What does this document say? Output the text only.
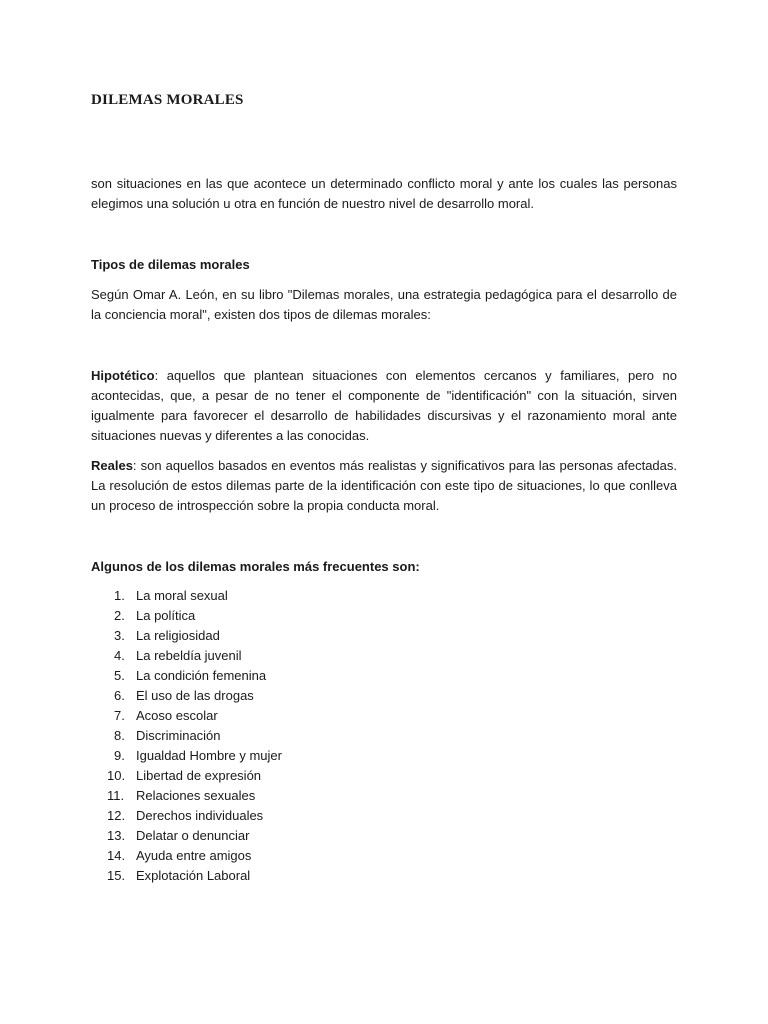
DILEMAS MORALES

son situaciones en las que acontece un determinado conflicto moral y ante los cuales las personas elegimos una solución u otra en función de nuestro nivel de desarrollo moral.

Tipos de dilemas morales

Según Omar A. León, en su libro "Dilemas morales, una estrategia pedagógica para el desarrollo de la conciencia moral", existen dos tipos de dilemas morales:

Hipotético: aquellos que plantean situaciones con elementos cercanos y familiares, pero no acontecidas, que, a pesar de no tener el componente de "identificación" con la situación, sirven igualmente para favorecer el desarrollo de habilidades discursivas y el razonamiento moral ante situaciones nuevas y diferentes a las conocidas.

Reales: son aquellos basados en eventos más realistas y significativos para las personas afectadas. La resolución de estos dilemas parte de la identificación con este tipo de situaciones, lo que conlleva un proceso de introspección sobre la propia conducta moral.

Algunos de los dilemas morales más frecuentes son:

1. La moral sexual
2. La política
3. La religiosidad
4. La rebeldía juvenil
5. La condición femenina
6. El uso de las drogas
7. Acoso escolar
8. Discriminación
9. Igualdad Hombre y mujer
10. Libertad de expresión
11. Relaciones sexuales
12. Derechos individuales
13. Delatar o denunciar
14. Ayuda entre amigos
15. Explotación Laboral
